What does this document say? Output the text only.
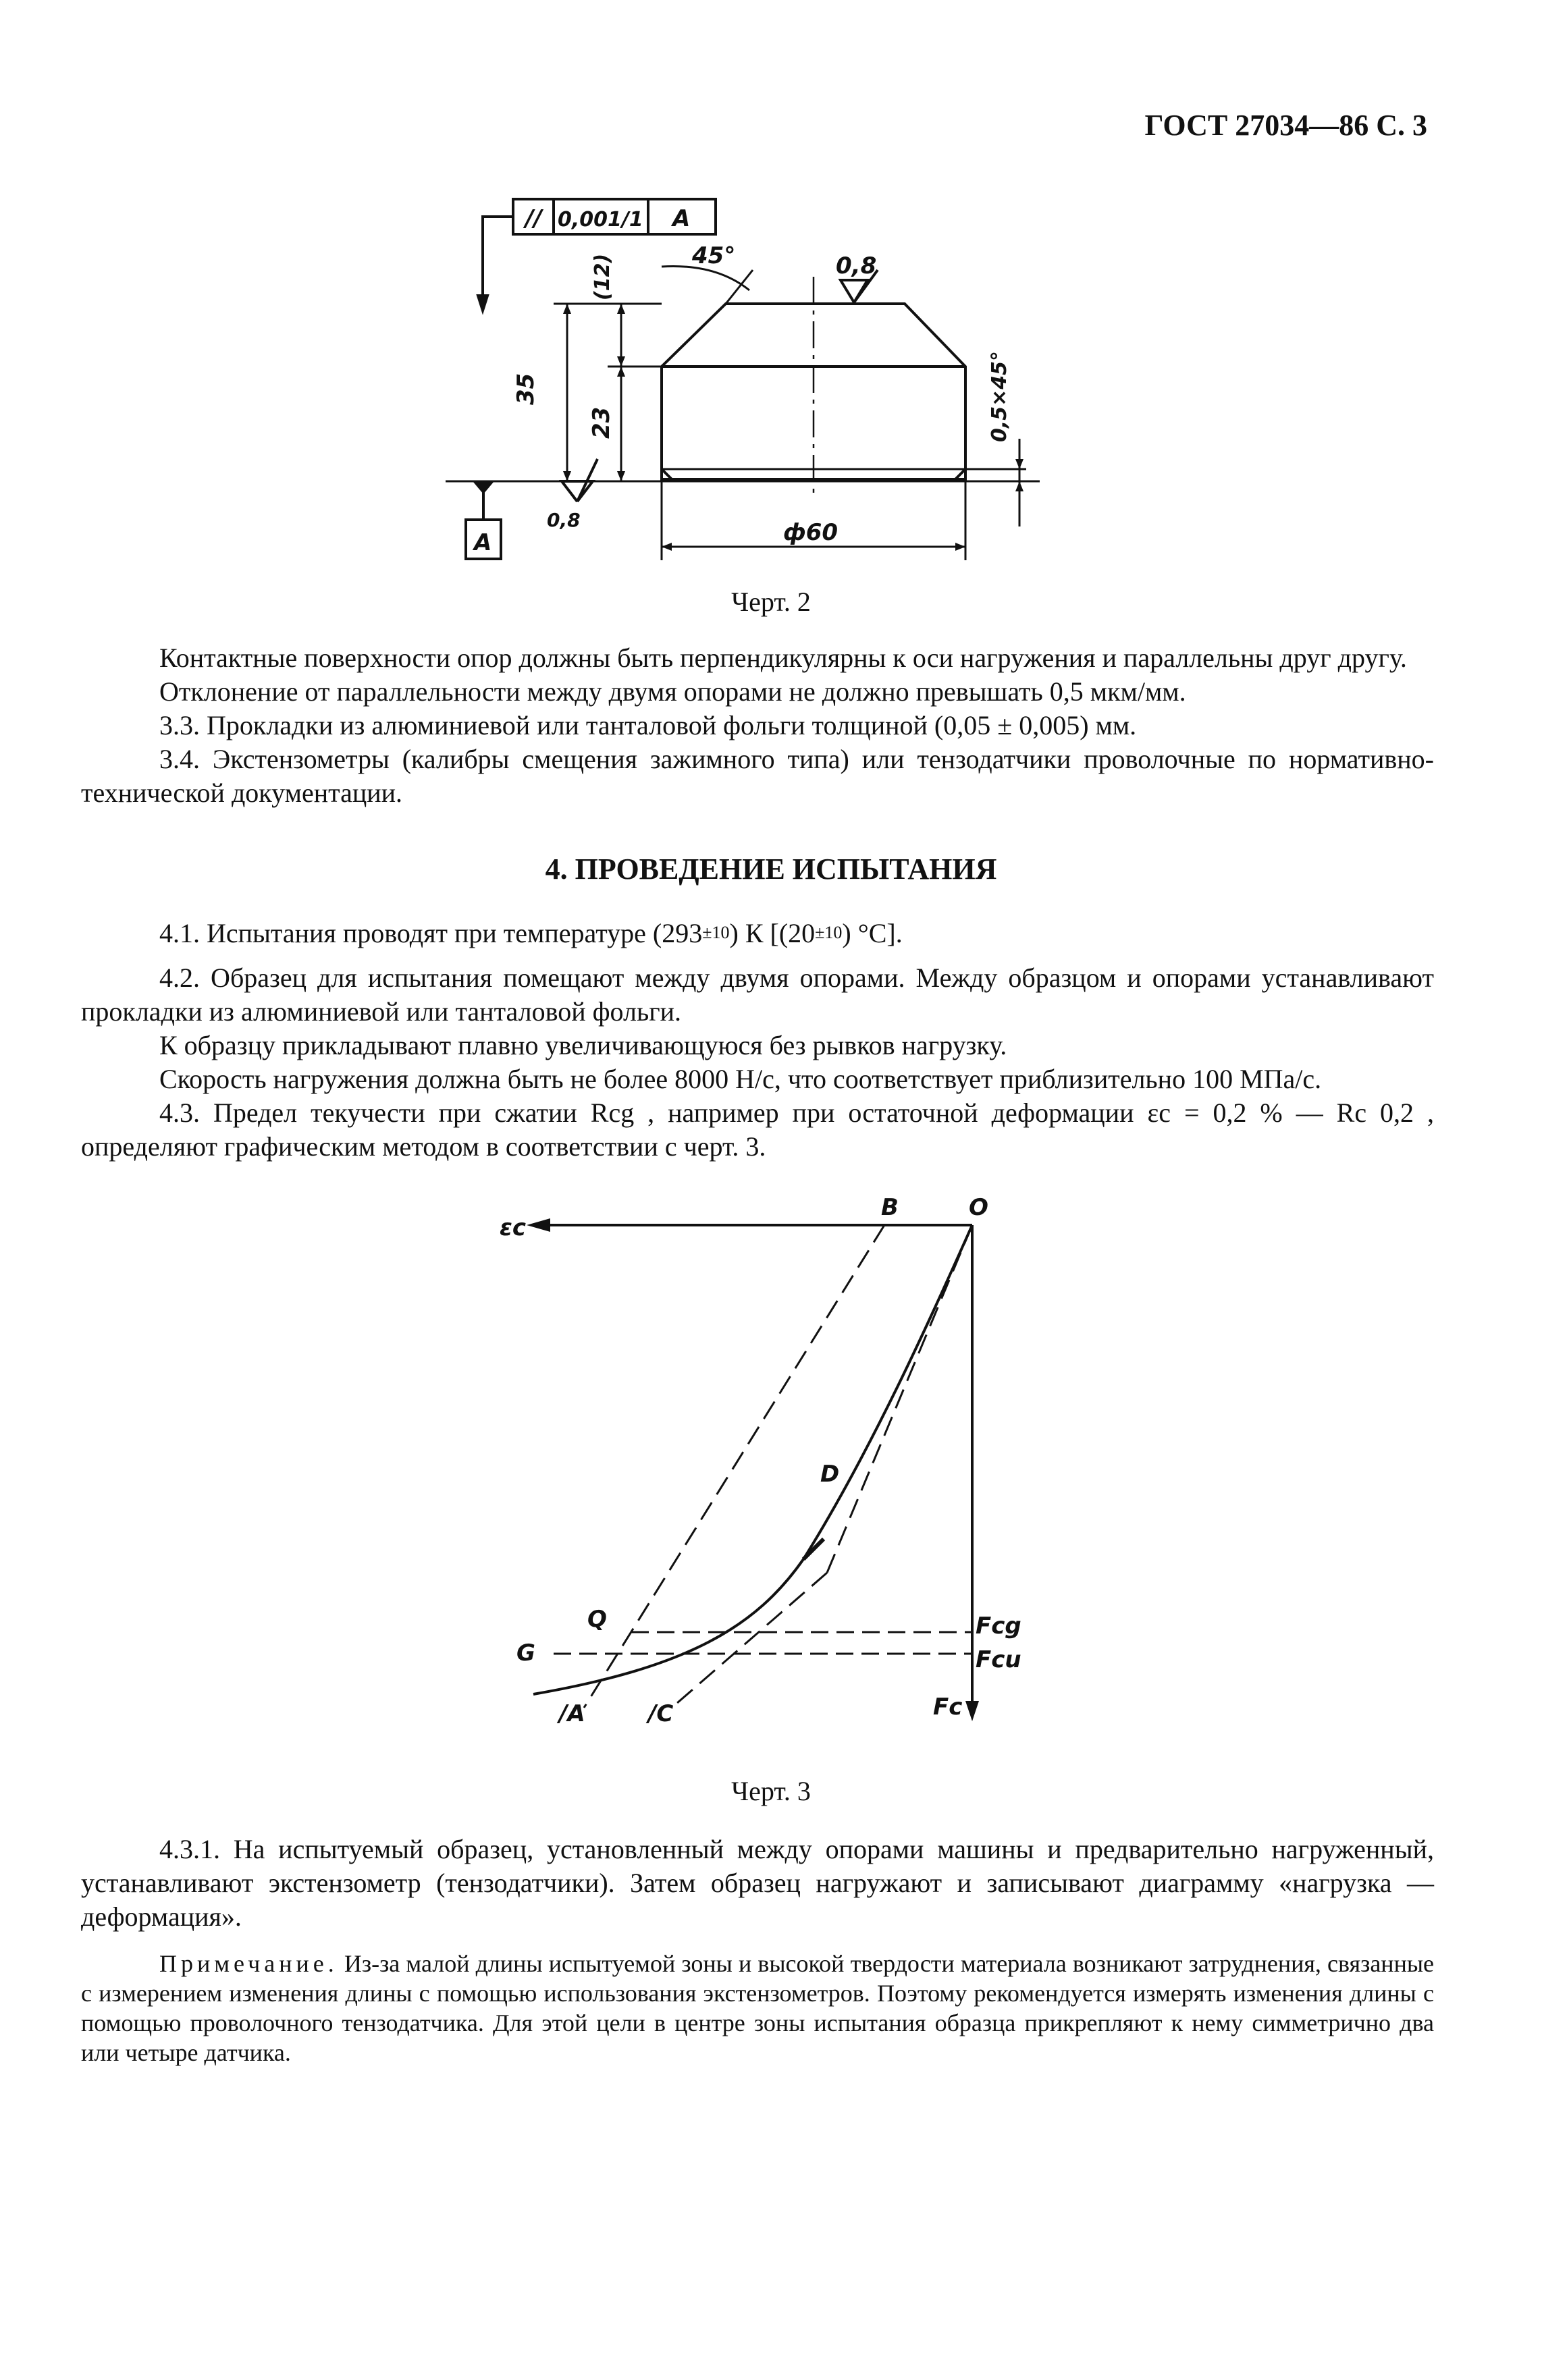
ГОСТ 27034—86 С. 3
// 0,001/1 A
45°	0,8
0,8
35
23
(12)
0,5×45°
ф60
A
Черт. 2

Контактные поверхности опор должны быть перпендикулярны к оси нагружения и параллельны друг другу.

Отклонение от параллельности между двумя опорами не должно превышать 0,5 мкм/мм.

3.3. Прокладки из алюминиевой или танталовой фольги толщиной (0,05 ± 0,005) мм.

3.4. Экстензометры (калибры смещения зажимного типа) или тензодатчики проволочные по нормативно-технической документации.

4. ПРОВЕДЕНИЕ ИСПЫТАНИЯ

4.1. Испытания проводят при температуре (293±10) К [(20±10) °С].

4.2. Образец для испытания помещают между двумя опорами. Между образцом и опорами устанавливают прокладки из алюминиевой или танталовой фольги.

К образцу прикладывают плавно увеличивающуюся без рывков нагрузку.

Скорость нагружения должна быть не более 8000 Н/с, что соответствует приблизительно 100 МПа/с.

4.3. Предел текучести при сжатии Rcg , например при остаточной деформации εc = 0,2 % — Rc 0,2 , определяют графическим методом в соответствии с черт. 3.

εc
B	O
D
Q
G
/A	/C
Fcg
Fcu
Fc
Черт. 3

4.3.1. На испытуемый образец, установленный между опорами машины и предварительно нагруженный, устанавливают экстензометр (тензодатчики). Затем образец нагружают и записывают диаграмму «нагрузка — деформация».

Примечание. Из-за малой длины испытуемой зоны и высокой твердости материала возникают затруднения, связанные с измерением изменения длины с помощью использования экстензометров. Поэтому рекомендуется измерять изменения длины с помощью проволочного тензодатчика. Для этой цели в центре зоны испытания образца прикрепляют к нему симметрично два или четыре датчика.
